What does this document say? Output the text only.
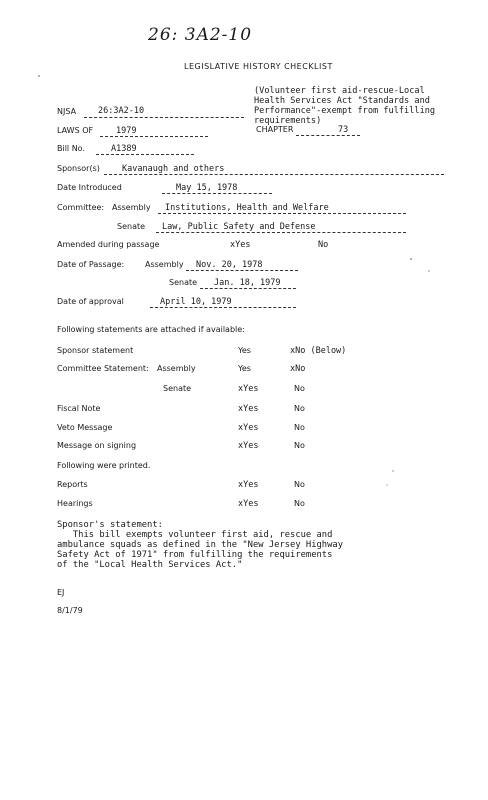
26: 3A2-10
LEGISLATIVE HISTORY CHECKLIST
(Volunteer first aid-rescue-Local
Health Services Act "Standards and
Performance"-exempt from fulfilling
requirements)
NJSA	26:3A2-10
LAWS OF	1979	CHAPTER	73
Bill No.	A1389
Sponsor(s)	Kavanaugh and others
Date Introduced	May 15, 1978
Committee: Assembly Institutions, Health and Welfare
Senate Law, Public Safety and Defense
Amended during passage	xYes	No
Date of Passage:	Assembly Nov. 20, 1978
Senate Jan. 18, 1979
Date of approval	April 10, 1979
Following statements are attached if available:
Sponsor statement	Yes	xNo (Below)
Committee Statement: Assembly	Yes	xNo
Senate	xYes	No
Fiscal Note	xYes	No
Veto Message	xYes	No
Message on signing	xYes	No
Following were printed.
Reports	xYes	No
Hearings	xYes	No
Sponsor's statement:
This bill exempts volunteer first aid, rescue and
ambulance squads as defined in the "New Jersey Highway
Safety Act of 1971" from fulfilling the requirements
of the "Local Health Services Act."
EJ
8/1/79
